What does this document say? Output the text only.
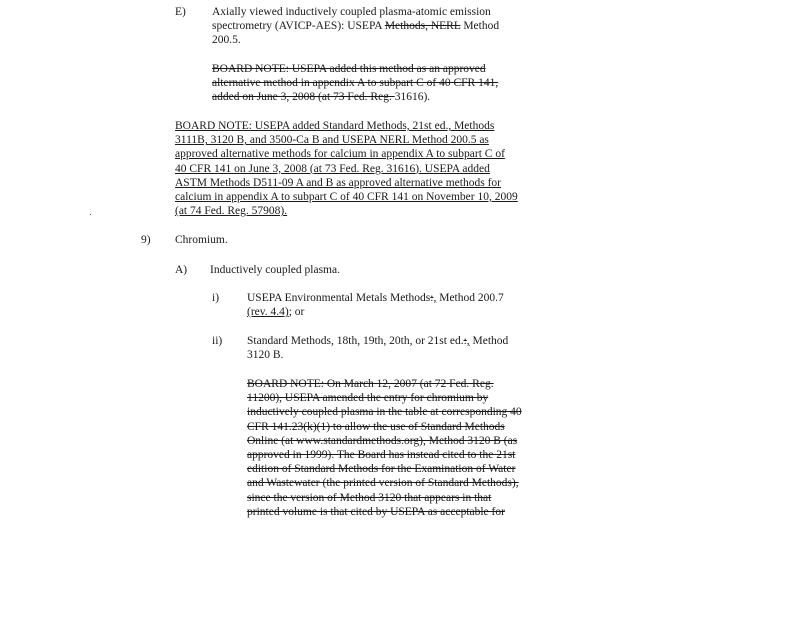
E) Axially viewed inductively coupled plasma-atomic emission
spectrometry (AVICP-AES): USEPA Methods, NERL Method
200.5.
BOARD NOTE: USEPA added this method as an approved
alternative method in appendix A to subpart C of 40 CFR 141,
added on June 3, 2008 (at 73 Fed. Reg. 31616).
BOARD NOTE: USEPA added Standard Methods, 21st ed., Methods
3111B, 3120 B, and 3500-Ca B and USEPA NERL Method 200.5 as
approved alternative methods for calcium in appendix A to subpart C of
40 CFR 141 on June 3, 2008 (at 73 Fed. Reg. 31616). USEPA added
ASTM Methods D511-09 A and B as approved alternative methods for
calcium in appendix A to subpart C of 40 CFR 141 on November 10, 2009
(at 74 Fed. Reg. 57908).
9) Chromium.
A) Inductively coupled plasma.
i) USEPA Environmental Metals Methods:, Method 200.7
(rev. 4.4); or
ii) Standard Methods, 18th, 19th, 20th, or 21st ed.:, Method
3120 B.
BOARD NOTE: On March 12, 2007 (at 72 Fed. Reg.
11200), USEPA amended the entry for chromium by
inductively coupled plasma in the table at corresponding 40
CFR 141.23(k)(1) to allow the use of Standard Methods
Online (at www.standardmethods.org), Method 3120 B (as
approved in 1999). The Board has instead cited to the 21st
edition of Standard Methods for the Examination of Water
and Wastewater (the printed version of Standard Methods),
since the version of Method 3120 that appears in that
printed volume is that cited by USEPA as acceptable for
